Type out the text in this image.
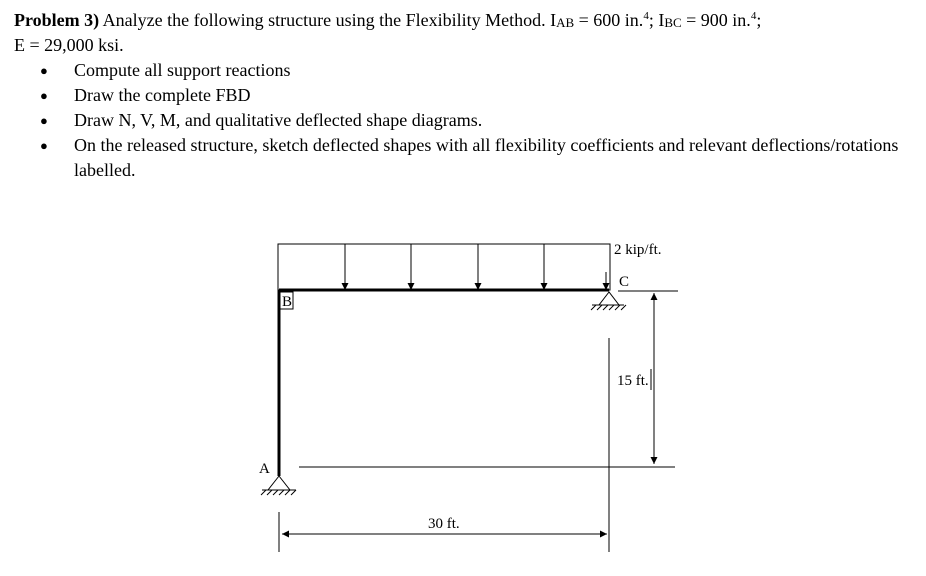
Problem 3) Analyze the following structure using the Flexibility Method. $I_{AB} = 600$ in.$^4$; $I_{BC} = 900$ in.$^4$;

E = 29,000 ksi.

● Compute all support reactions
● Draw the complete FBD
● Draw N, V, M, and qualitative deflected shape diagrams.
● On the released structure, sketch deflected shapes with all flexibility coefficients and relevant deflections/rotations labelled.
2 kip/ft.
C
B
A
15 ft.
30 ft.
